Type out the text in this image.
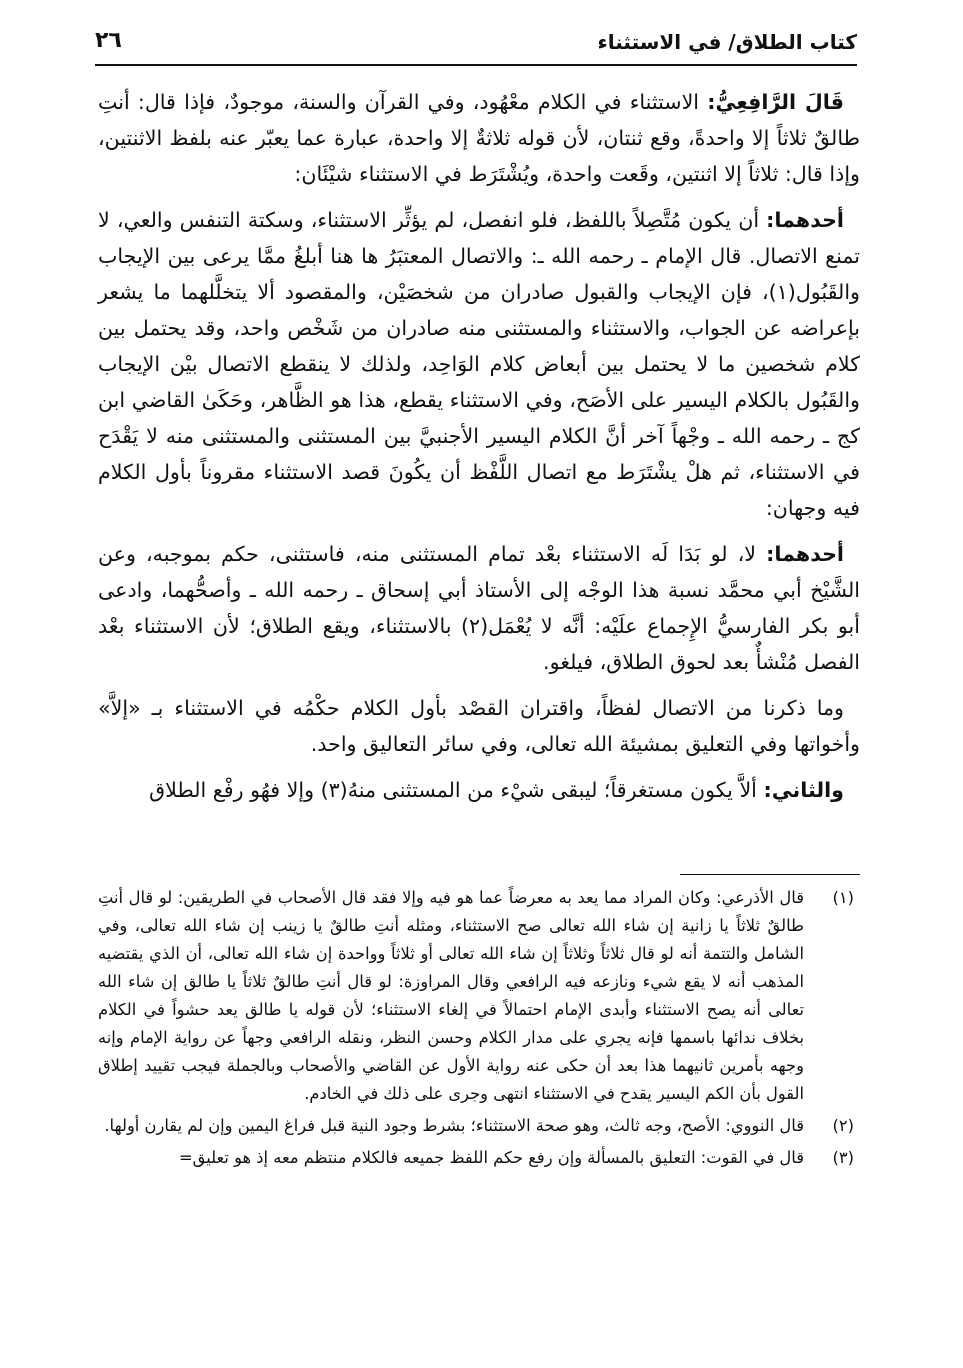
كتاب الطلاق/ في الاستثناء
٢٦

قَالَ الرَّافِعِيُّ: الاستثناء في الكلام معْهُود، وفي القرآن والسنة، موجودٌ، فإذا قال: أنتِ طالقٌ ثلاثاً إلا واحدةً، وقع ثنتان، لأن قوله ثلاثةٌ إلا واحدة، عبارة عما يعبّر عنه بلفظ الاثنتين، وإذا قال: ثلاثاً إلا اثنتين، وقَعت واحدة، ويُشْتَرَط في الاستثناء شيْئَان:

أحدهما: أن يكون مُتَّصِلاً باللفظ، فلو انفصل، لم يؤثِّر الاستثناء، وسكتة التنفس والعي، لا تمنع الاتصال. قال الإمام ـ رحمه الله ـ: والاتصال المعتبَرُ ها هنا أبلغُ ممَّا يرعى بين الإيجاب والقَبُول(١)، فإن الإيجاب والقبول صادران من شخصَيْن، والمقصود ألا يتخلَّلهما ما يشعر بإعراضه عن الجواب، والاستثناء والمستثنى منه صادران من شَخْص واحد، وقد يحتمل بين كلام شخصين ما لا يحتمل بين أبعاض كلام الوَاحِد، ولذلك لا ينقطع الاتصال بيْن الإيجاب والقَبُول بالكلام اليسير على الأصَح، وفي الاستثناء يقطع، هذا هو الظَّاهر، وحَكَىٰ القاضي ابن كج ـ رحمه الله ـ وجْهاً آخر أنَّ الكلام اليسير الأجنبيَّ بين المستثنى والمستثنى منه لا يَقْدَح في الاستثناء، ثم هلْ يشْتَرَط مع اتصال اللَّفْظ أن يكُونَ قصد الاستثناء مقروناً بأول الكلام فيه وجهان:

أحدهما: لا، لو بَدَا لَه الاستثناء بعْد تمام المستثنى منه، فاستثنى، حكم بموجبه، وعن الشَّيْخ أبي محمَّد نسبة هذا الوجْه إلى الأستاذ أبي إسحاق ـ رحمه الله ـ وأصحُّهما، وادعى أبو بكر الفارسيُّ الإِجماع علَيْه: أنَّه لا يُعْمَل(٢) بالاستثناء، ويقع الطلاق؛ لأن الاستثناء بعْد الفصل مُنْشأٌ بعد لحوق الطلاق، فيلغو.

وما ذكرنا من الاتصال لفظاً، واقتران القصْد بأول الكلام حكْمُه في الاستثناء بـ «إلاَّ» وأخواتها وفي التعليق بمشيئة الله تعالى، وفي سائر التعاليق واحد.

والثاني: ألاَّ يكون مستغرقاً؛ ليبقى شيْء من المستثنى منهُ(٣) وإلا فهُو رفْع الطلاق

(١)
قال الأذرعي: وكان المراد مما يعد به معرضاً عما هو فيه وإلا فقد قال الأصحاب في الطريقين: لو قال أنتِ طالقٌ ثلاثاً يا زانية إن شاء الله تعالى صح الاستثناء، ومثله أنتِ طالقٌ يا زينب إن شاء الله تعالى، وفي الشامل والتتمة أنه لو قال ثلاثاً وثلاثاً إن شاء الله تعالى أو ثلاثاً وواحدة إن شاء الله تعالى، أن الذي يقتضيه المذهب أنه لا يقع شيء ونازعه فيه الرافعي وقال المراوزة: لو قال أنتِ طالقٌ ثلاثاً يا طالق إن شاء الله تعالى أنه يصح الاستثناء وأبدى الإمام احتمالاً في إلغاء الاستثناء؛ لأن قوله يا طالق يعد حشواً في الكلام بخلاف ندائها باسمها فإنه يجري على مدار الكلام وحسن النظر، ونقله الرافعي وجهاً عن رواية الإمام وإنه وجهه بأمرين ثانيهما هذا بعد أن حكى عنه رواية الأول عن القاضي والأصحاب وبالجملة فيجب تقييد إطلاق القول بأن الكم اليسير يقدح في الاستثناء انتهى وجرى على ذلك في الخادم.
(٢)
قال النووي: الأصح، وجه ثالث، وهو صحة الاستثناء؛ بشرط وجود النية قبل فراغ اليمين وإن لم يقارن أولها.
(٣)
قال في القوت: التعليق بالمسألة وإن رفع حكم اللفظ جميعه فالكلام منتظم معه إذ هو تعليق=
